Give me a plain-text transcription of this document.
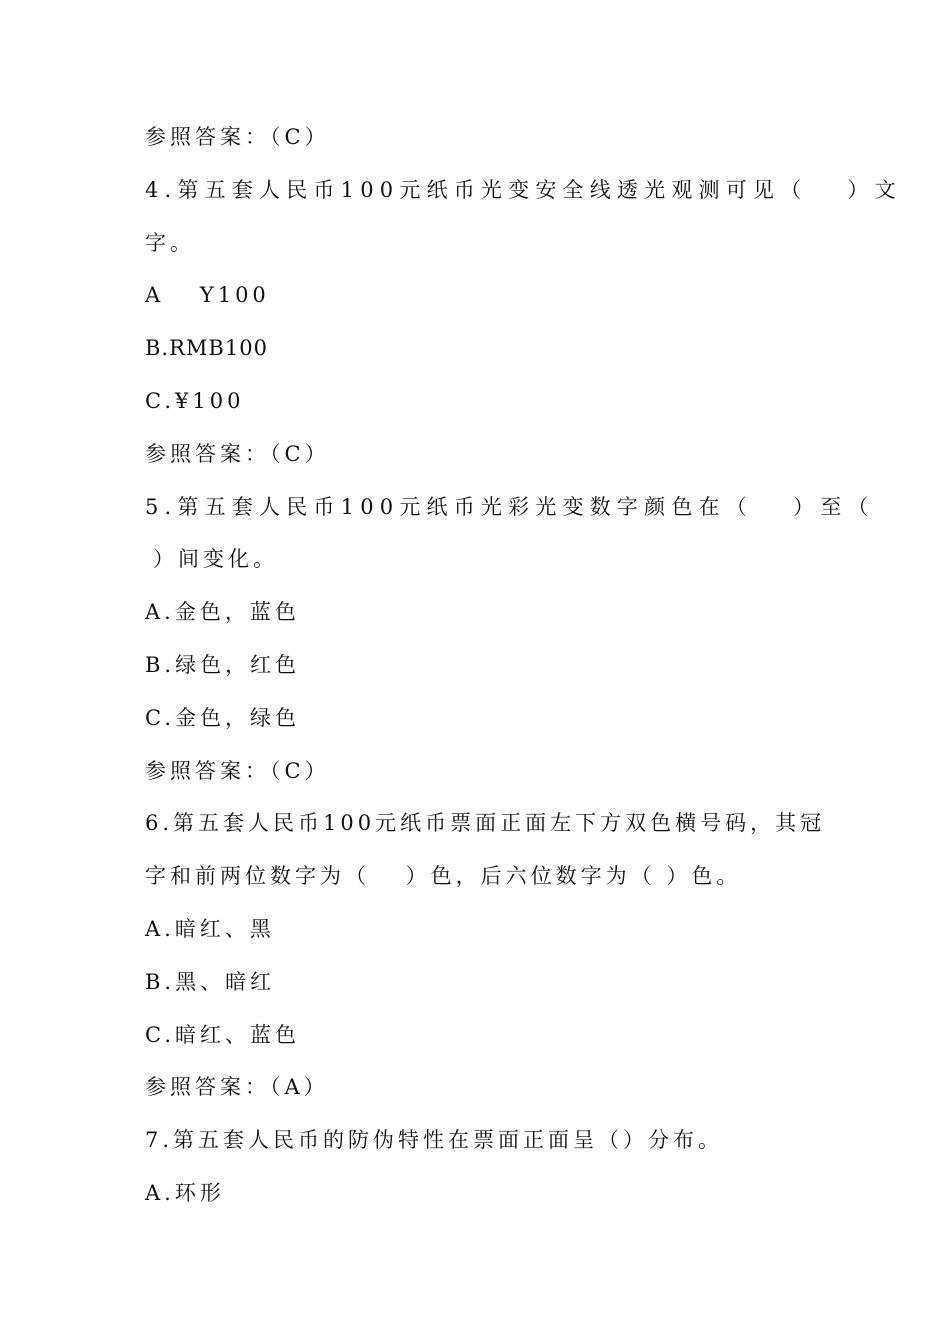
参照答案：（C）
4.第五套人民币100元纸币光变安全线透光观测可见（　 ）文
字。
A　 Y100
B.RMB100
C.¥100
参照答案：（C）
5.第五套人民币100元纸币光彩光变数字颜色在（　 ）至（
）间变化。
A.金色，蓝色
B.绿色，红色
C.金色，绿色
参照答案：（C）
6.第五套人民币100元纸币票面正面左下方双色横号码，其冠
字和前两位数字为（　 ）色，后六位数字为（ ）色。
A.暗红、黑
B.黑、暗红
C.暗红、蓝色
参照答案：（A）
7.第五套人民币的防伪特性在票面正面呈（）分布。
A.环形
